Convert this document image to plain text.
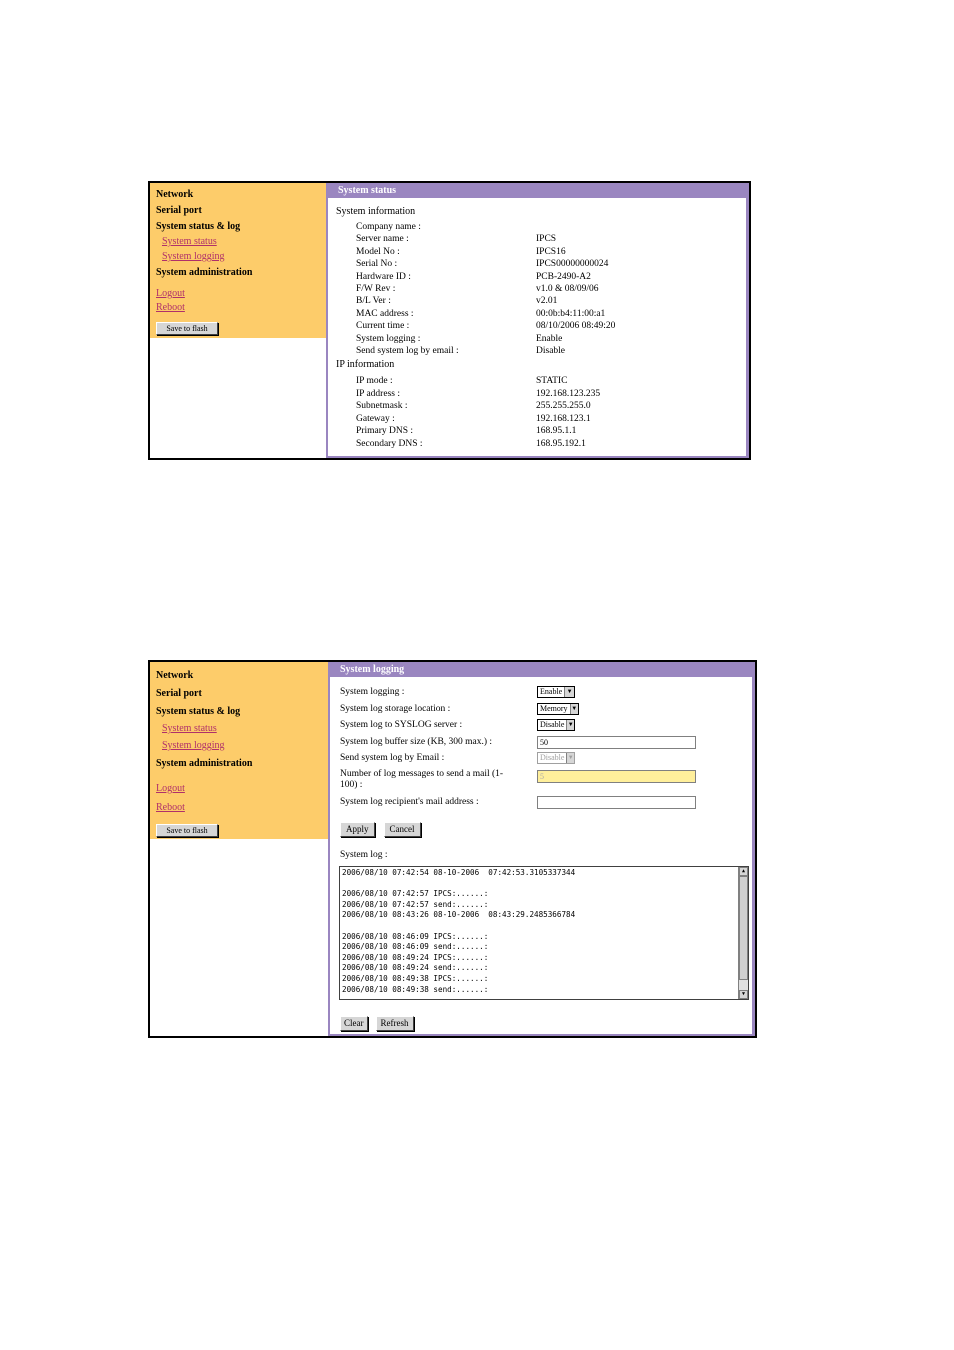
Network
Serial port
System status & log
System status
System logging
System administration
Logout
Reboot
Save to flash
System status
System information
Company name :
Server name :	IPCS
Model No :	IPCS16
Serial No :	IPCS00000000024
Hardware ID :	PCB-2490-A2
F/W Rev :	v1.0 & 08/09/06
B/L Ver :	v2.01
MAC address :	00:0b:b4:11:00:a1
Current time :	08/10/2006 08:49:20
System logging :	Enable
Send system log by email :	Disable
IP information
IP mode :	STATIC
IP address :	192.168.123.235
Subnetmask :	255.255.255.0
Gateway :	192.168.123.1
Primary DNS :	168.95.1.1
Secondary DNS :	168.95.192.1
Network
Serial port
System status & log
System status
System logging
System administration
Logout
Reboot
Save to flash
System logging
System logging :	Enable ▼
System log storage location :	Memory ▼
System log to SYSLOG server :	Disable ▼
System log buffer size (KB, 300 max.) :	50
Send system log by Email :	Disable ▼
Number of log messages to send a mail (1-100) :
5
System log recipient's mail address :
Apply Cancel
System log :
2006/08/10 07:42:54 08-10-2006  07:42:53.3105337344
2006/08/10 07:42:57 IPCS:......:
2006/08/10 07:42:57 send:......:
2006/08/10 08:43:26 08-10-2006  08:43:29.2485366784
2006/08/10 08:46:09 IPCS:......:
2006/08/10 08:46:09 send:......:
2006/08/10 08:49:24 IPCS:......:
2006/08/10 08:49:24 send:......:
2006/08/10 08:49:38 IPCS:......:
2006/08/10 08:49:38 send:......:
▲
▼
Clear Refresh
